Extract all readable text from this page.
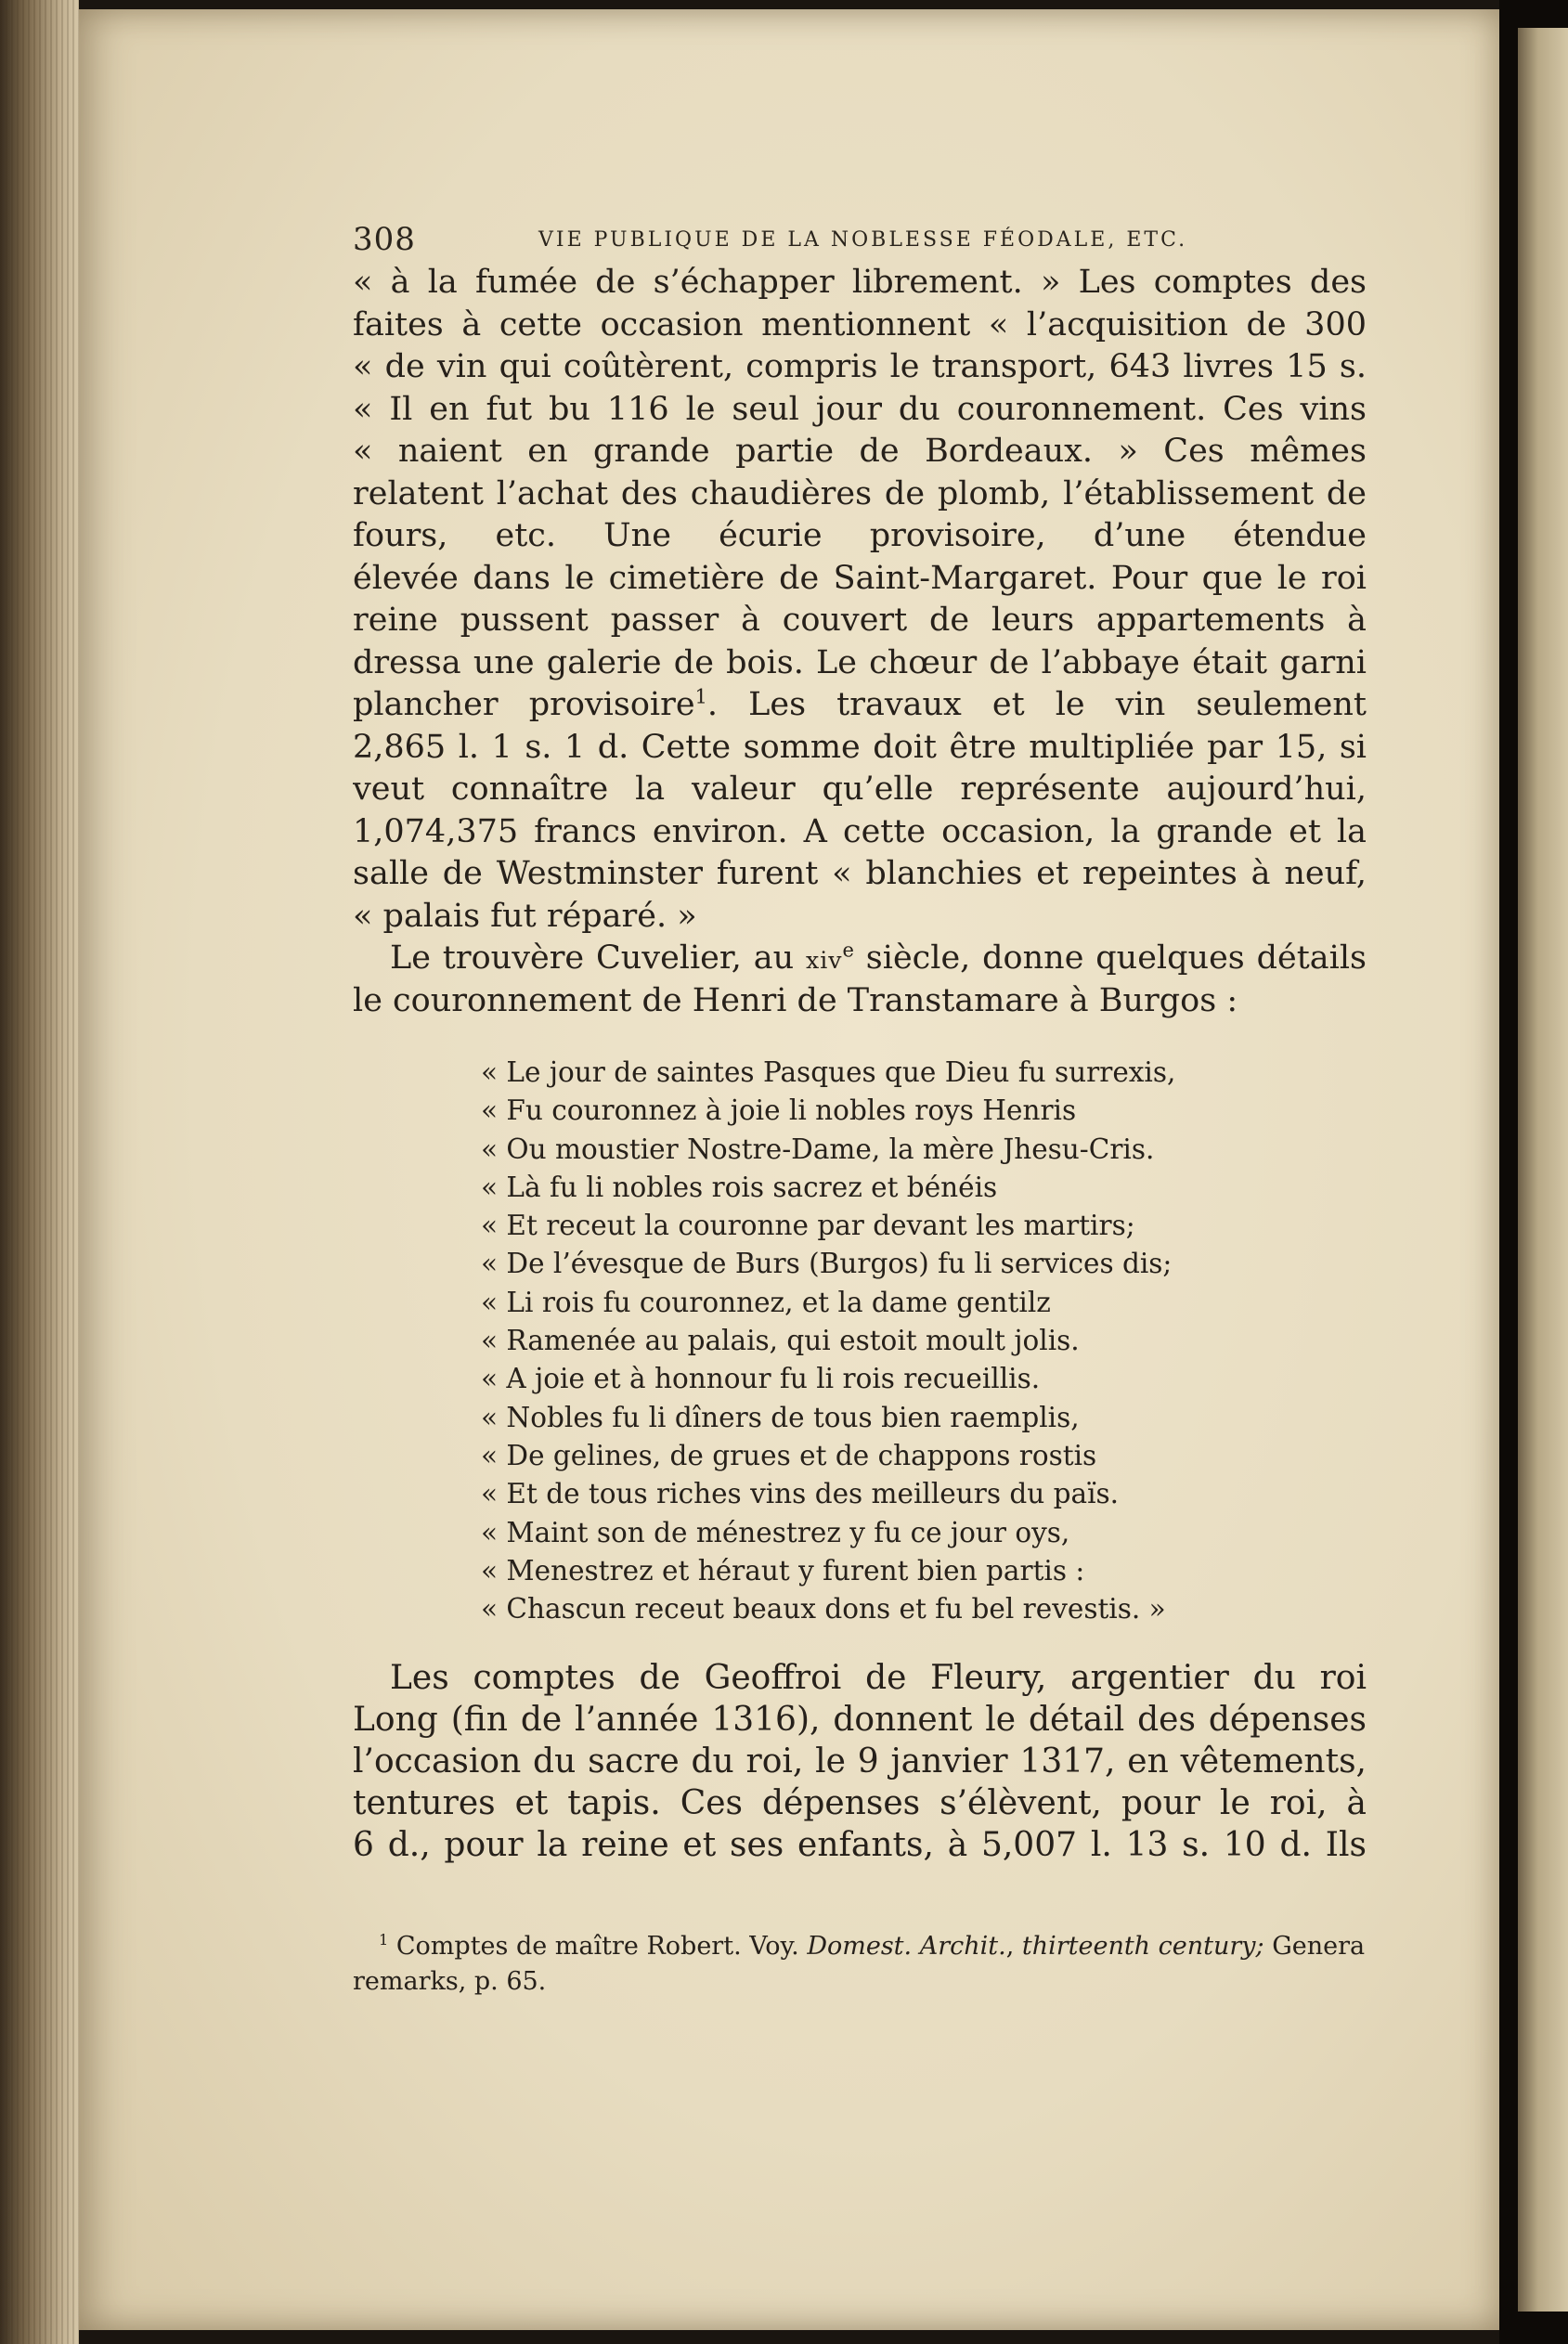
308	VIE PUBLIQUE DE LA NOBLESSE FÉODALE, ETC.
« à la fumée de s’échapper librement. » Les comptes des
faites à cette occasion mentionnent « l’acquisition de 300
« de vin qui coûtèrent, compris le transport, 643 livres 15 s.
« Il en fut bu 116 le seul jour du couronnement. Ces vins
« naient en grande partie de Bordeaux. » Ces mêmes
relatent l’achat des chaudières de plomb, l’établissement de
fours, etc. Une écurie provisoire, d’une étendue
élevée dans le cimetière de Saint-Margaret. Pour que le roi
reine pussent passer à couvert de leurs appartements à
dressa une galerie de bois. Le chœur de l’abbaye était garni
plancher provisoire$^1$. Les travaux et le vin seulement
2,865 l. 1 s. 1 d. Cette somme doit être multipliée par 15, si
veut connaître la valeur qu’elle représente aujourd’hui,
1,074,375 francs environ. A cette occasion, la grande et la
salle de Westminster furent « blanchies et repeintes à neuf,
« palais fut réparé. »
Le trouvère Cuvelier, au xiv$^e$ siècle, donne quelques détails
le couronnement de Henri de Transtamare à Burgos :
« Le jour de saintes Pasques que Dieu fu surrexis,
« Fu couronnez à joie li nobles roys Henris
« Ou moustier Nostre-Dame, la mère Jhesu-Cris.
« Là fu li nobles rois sacrez et bénéis
« Et receut la couronne par devant les martirs;
« De l’évesque de Burs (Burgos) fu li services dis;
« Li rois fu couronnez, et la dame gentilz
« Ramenée au palais, qui estoit moult jolis.
« A joie et à honnour fu li rois recueillis.
« Nobles fu li dîners de tous bien raemplis,
« De gelines, de grues et de chappons rostis
« Et de tous riches vins des meilleurs du païs.
« Maint son de ménestrez y fu ce jour oys,
« Menestrez et héraut y furent bien partis :
« Chascun receut beaux dons et fu bel revestis. »
Les comptes de Geoffroi de Fleury, argentier du roi
Long (fin de l’année 1316), donnent le détail des dépenses
l’occasion du sacre du roi, le 9 janvier 1317, en vêtements,
tentures et tapis. Ces dépenses s’élèvent, pour le roi, à
6 d., pour la reine et ses enfants, à 5,007 l. 13 s. 10 d. Ils
$^1$ Comptes de maître Robert. Voy. Domest. Archit., thirteenth century; Genera
remarks, p. 65.
